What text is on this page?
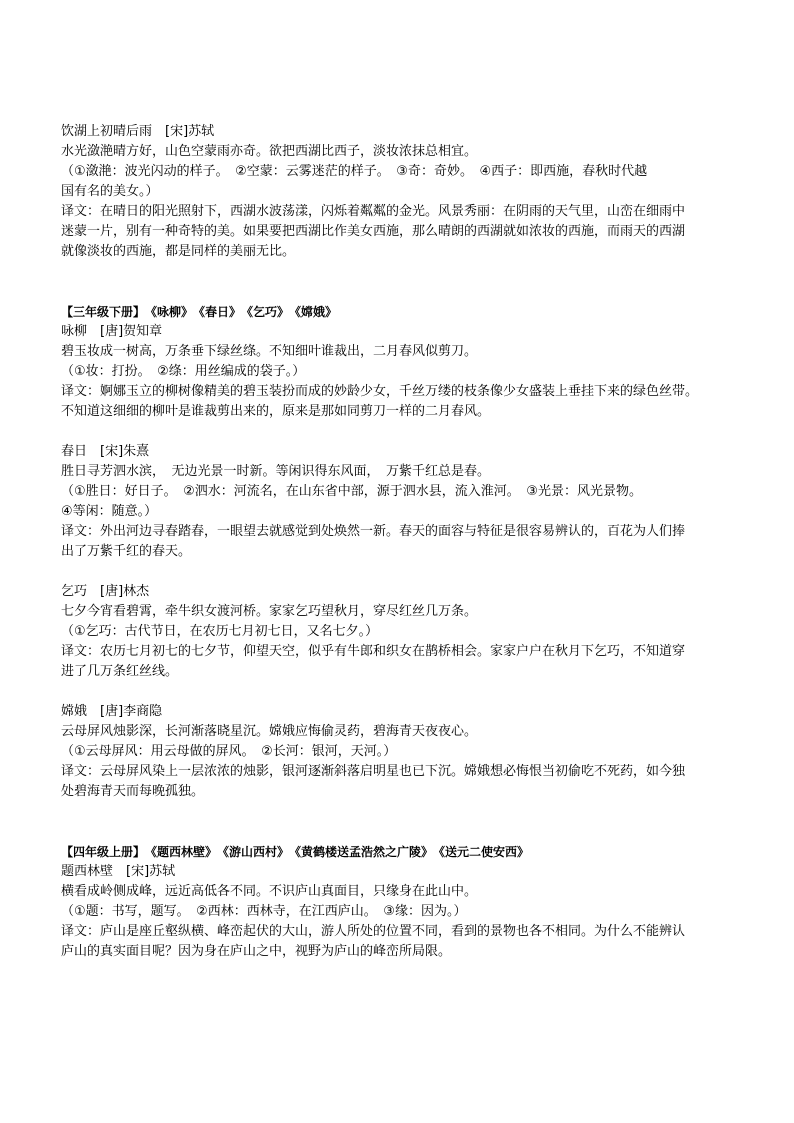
饮湖上初晴后雨　[宋]苏轼
水光潋滟晴方好，山色空蒙雨亦奇。欲把西湖比西子，淡妆浓抹总相宜。
（①潋滟：波光闪动的样子。　②空蒙：云雾迷茫的样子。　③奇：奇妙。　④西子：即西施，春秋时代越
国有名的美女。）
译文：在晴日的阳光照射下，西湖水波荡漾，闪烁着粼粼的金光。风景秀丽：在阴雨的天气里，山峦在细雨中
迷蒙一片，别有一种奇特的美。如果要把西湖比作美女西施，那么晴朗的西湖就如浓妆的西施，而雨天的西湖
就像淡妆的西施，都是同样的美丽无比。
【三年级下册】　《咏柳》　《春日》　《乞巧》　《嫦娥》
咏柳　[唐]贺知章
碧玉妆成一树高，万条垂下绿丝绦。不知细叶谁裁出，二月春风似剪刀。
（①妆：打扮。　②绦：用丝编成的袋子。）
译文：婀娜玉立的柳树像精美的碧玉装扮而成的妙龄少女，千丝万缕的枝条像少女盛装上垂挂下来的绿色丝带。
不知道这细细的柳叶是谁裁剪出来的，原来是那如同剪刀一样的二月春风。
春日　[宋]朱熹
胜日寻芳泗水滨，　无边光景一时新。等闲识得东风面，　万紫千红总是春。
（①胜日：好日子。　②泗水：河流名，在山东省中部，源于泗水县，流入淮河。　③光景：风光景物。
④等闲：随意。）
译文：外出河边寻春踏春，一眼望去就感觉到处焕然一新。春天的面容与特征是很容易辨认的，百花为人们捧
出了万紫千红的春天。
乞巧　[唐]林杰
七夕今宵看碧霄，牵牛织女渡河桥。家家乞巧望秋月，穿尽红丝几万条。
（①乞巧：古代节日，在农历七月初七日，又名七夕。）
译文：农历七月初七的七夕节，仰望天空，似乎有牛郎和织女在鹊桥相会。家家户户在秋月下乞巧，不知道穿
进了几万条红丝线。
嫦娥　[唐]李商隐
云母屏风烛影深，长河渐落晓星沉。嫦娥应悔偷灵药，碧海青天夜夜心。
（①云母屏风：用云母做的屏风。　②长河：银河，天河。）
译文：云母屏风染上一层浓浓的烛影，银河逐渐斜落启明星也已下沉。嫦娥想必悔恨当初偷吃不死药，如今独
处碧海青天而每晚孤独。
【四年级上册】　《题西林壁》　《游山西村》　《黄鹤楼送孟浩然之广陵》　《送元二使安西》
题西林壁　[宋]苏轼
横看成岭侧成峰，远近高低各不同。不识庐山真面目，只缘身在此山中。
（①题：书写，题写。　②西林：西林寺，在江西庐山。　③缘：因为。）
译文：庐山是座丘壑纵横、峰峦起伏的大山，游人所处的位置不同，看到的景物也各不相同。为什么不能辨认
庐山的真实面目呢？因为身在庐山之中，视野为庐山的峰峦所局限。
